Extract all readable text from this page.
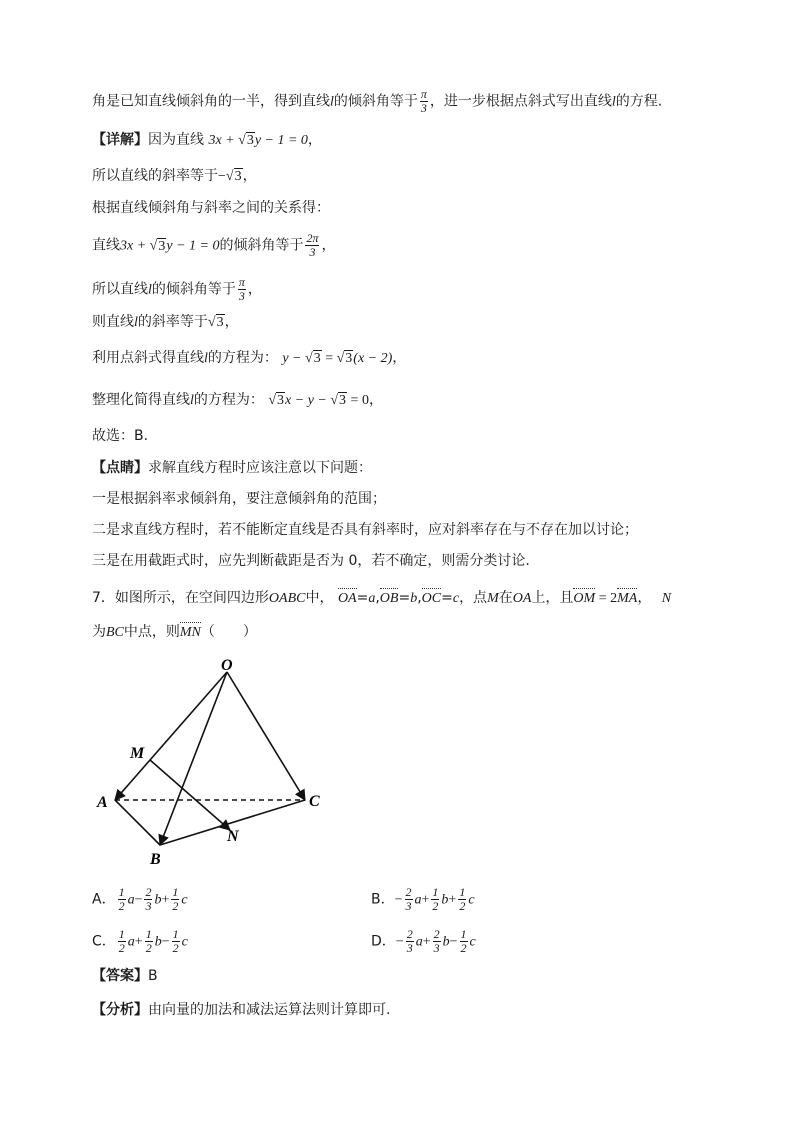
角是已知直线倾斜角的一半，得到直线l的倾斜角等于 $\frac{\pi}{3}$ ，进一步根据点斜式写出直线l的方程.
【详解】因为直线 3x + √3y − 1 = 0，
所以直线的斜率等于−√3，
根据直线倾斜角与斜率之间的关系得：
直线3x + √3y − 1 = 0的倾斜角等于 $\frac{2\pi}{3}$ ，
所以直线l的倾斜角等于 $\frac{\pi}{3}$ ，
则直线l的斜率等于√3，
利用点斜式得直线l的方程为： y − √3 = √3(x − 2)，
整理化简得直线l的方程为： √3x − y − √3 = 0，
故选：B.
【点睛】求解直线方程时应该注意以下问题：
一是根据斜率求倾斜角，要注意倾斜角的范围；
二是求直线方程时，若不能断定直线是否具有斜率时，应对斜率存在与不存在加以讨论；
三是在用截距式时，应先判断截距是否为 0，若不确定，则需分类讨论.
7．如图所示，在空间四边形OABC中， OA=a,OB=b,OC=c，点M在OA上，且OM = 2MA， N
为BC中点，则MN（　　）
O
M
A	C
N
B
A． $\frac{1}{2} a- \frac{2}{3} b+ \frac{1}{2}$ c	B．− $\frac{2}{3} a+ \frac{1}{2} b+ \frac{1}{2}$ c
C． $\frac{1}{2} a+ \frac{1}{2} b- \frac{1}{2}$ c	D．− $\frac{2}{3} a+ \frac{2}{3} b- \frac{1}{2}$ c
【答案】B
【分析】由向量的加法和减法运算法则计算即可.
